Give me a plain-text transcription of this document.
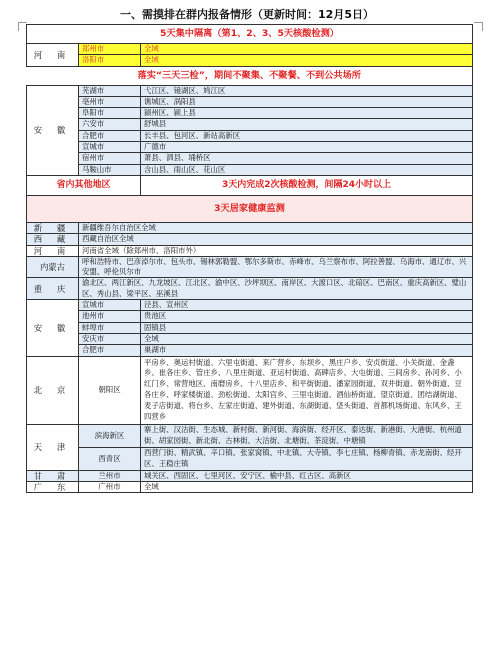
一、需摸排在群内报备情形（更新时间：12月5日）
5天集中隔离（第1、2、3、5天核酸检测）		
河 南	郑州市	全域
	洛阳市	全域
落实“三天三检”，期间不聚集、不聚餐、不到公共场所		
安 徽	芜湖市	弋江区、镜湖区、鸠江区
	亳州市	谯城区、涡阳县
	阜阳市	颍州区、颍上县
	六安市	舒城县
	合肥市	长丰县、包河区、新站高新区
	宣城市	广德市
	宿州市	萧县、泗县、埇桥区
	马鞍山市	含山县、雨山区、花山区
省内其他地区		3天内完成2次核酸检测，间隔24小时以上
3天居家健康监测		
新 疆	新疆维吾尔自治区全域	
西 藏	西藏自治区全域	
河 南	河南省全域（除郑州市、洛阳市外）	
内蒙古	呼和浩特市、巴彦淖尔市、包头市、锡林郭勒盟、鄂尔多斯市、赤峰市、乌兰察布市、阿拉善盟、乌海市、通辽市、兴安盟、呼伦贝尔市	
重 庆	渝北区、两江新区、九龙坡区、江北区、渝中区、沙坪坝区、南岸区、大渡口区、北碚区、巴南区、重庆高新区、璧山区、秀山县、梁平区、巫溪县	
安 徽	宣城市	泾县、宣州区
	池州市	贵池区
	蚌埠市	固镇县
	安庆市	全域
	合肥市	巢湖市
北 京	朝阳区	平房乡、奥运村街道、六里屯街道、来广营乡、东坝乡、黑庄户乡、安贞街道、小关街道、金盏乡、崔各庄乡、管庄乡、八里庄街道、亚运村街道、高碑店乡、大屯街道、三间房乡、孙河乡、小红门乡、常营地区、南磨房乡、十八里店乡、和平街街道、潘家园街道、双井街道、朝外街道、豆各庄乡、呼家楼街道、劲松街道、太阳宫乡、三里屯街道、酒仙桥街道、望京街道、团结湖街道、麦子店街道、将台乡、左家庄街道、建外街道、东湖街道、垡头街道、首都机场街道、东风乡、王四营乡
天 津	滨海新区	寨上街、汉沽街、生态城、新村街、新河街、海滨街、经开区、泰达街、新港街、大港街、杭州道街、胡家园街、新北街、古林街、大沽街、北塘街、茶淀街、中塘镇
	西青区	西营门街、精武镇、辛口镇、张家窝镇、中北镇、大寺镇、李七庄镇、杨柳青镇、赤龙南街、经开区、王稳庄镇
甘 肃	兰州市	城关区、西固区、七里河区、安宁区、榆中县、红古区、高新区
广 东	广州市	全域
